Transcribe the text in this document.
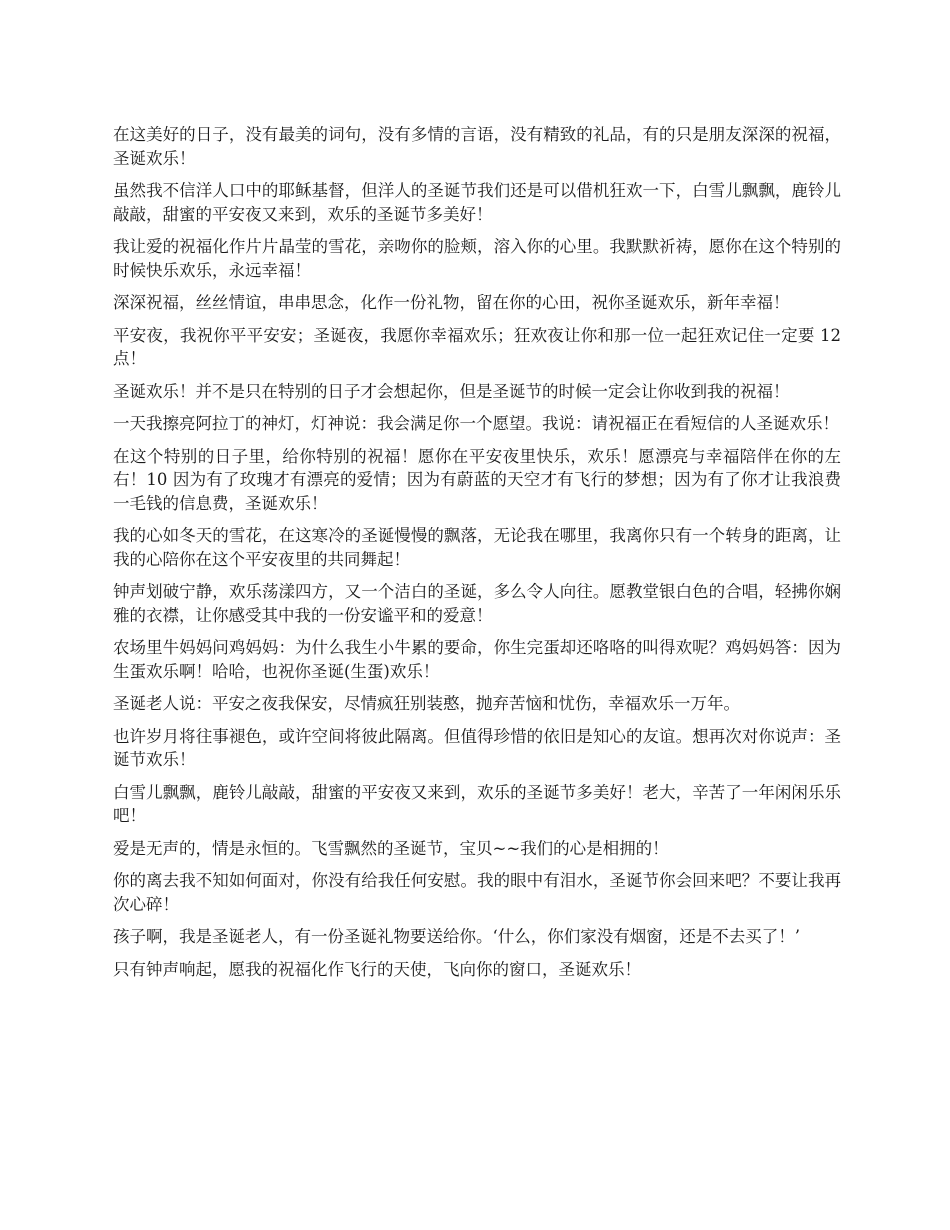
在这美好的日子，没有最美的词句，没有多情的言语，没有精致的礼品，有的只是朋友深深的祝福，圣诞欢乐！

虽然我不信洋人口中的耶稣基督，但洋人的圣诞节我们还是可以借机狂欢一下，白雪儿飘飘，鹿铃儿敲敲，甜蜜的平安夜又来到，欢乐的圣诞节多美好！

我让爱的祝福化作片片晶莹的雪花，亲吻你的脸颊，溶入你的心里。我默默祈祷，愿你在这个特别的时候快乐欢乐，永远幸福！

深深祝福，丝丝情谊，串串思念，化作一份礼物，留在你的心田，祝你圣诞欢乐，新年幸福！

平安夜，我祝你平平安安；圣诞夜，我愿你幸福欢乐；狂欢夜让你和那一位一起狂欢记住一定要 12 点！

圣诞欢乐！并不是只在特别的日子才会想起你，但是圣诞节的时候一定会让你收到我的祝福！

一天我擦亮阿拉丁的神灯，灯神说：我会满足你一个愿望。我说：请祝福正在看短信的人圣诞欢乐！

在这个特别的日子里，给你特别的祝福！愿你在平安夜里快乐，欢乐！愿漂亮与幸福陪伴在你的左右！10 因为有了玫瑰才有漂亮的爱情；因为有蔚蓝的天空才有飞行的梦想；因为有了你才让我浪费一毛钱的信息费，圣诞欢乐！

我的心如冬天的雪花，在这寒冷的圣诞慢慢的飘落，无论我在哪里，我离你只有一个转身的距离，让我的心陪你在这个平安夜里的共同舞起！

钟声划破宁静，欢乐荡漾四方，又一个洁白的圣诞，多么令人向往。愿教堂银白色的合唱，轻拂你娴雅的衣襟，让你感受其中我的一份安谧平和的爱意！

农场里牛妈妈问鸡妈妈：为什么我生小牛累的要命，你生完蛋却还咯咯的叫得欢呢？鸡妈妈答：因为生蛋欢乐啊！哈哈，也祝你圣诞(生蛋)欢乐！

圣诞老人说：平安之夜我保安，尽情疯狂别装憨，抛弃苦恼和忧伤，幸福欢乐一万年。

也许岁月将往事褪色，或许空间将彼此隔离。但值得珍惜的依旧是知心的友谊。想再次对你说声：圣诞节欢乐！

白雪儿飘飘，鹿铃儿敲敲，甜蜜的平安夜又来到，欢乐的圣诞节多美好！老大，辛苦了一年闲闲乐乐吧！

爱是无声的，情是永恒的。飞雪飘然的圣诞节，宝贝~~我们的心是相拥的！

你的离去我不知如何面对，你没有给我任何安慰。我的眼中有泪水，圣诞节你会回来吧？不要让我再次心碎！

孩子啊，我是圣诞老人，有一份圣诞礼物要送给你。‘什么，你们家没有烟窗，还是不去买了！’

只有钟声响起，愿我的祝福化作飞行的天使，飞向你的窗口，圣诞欢乐！
